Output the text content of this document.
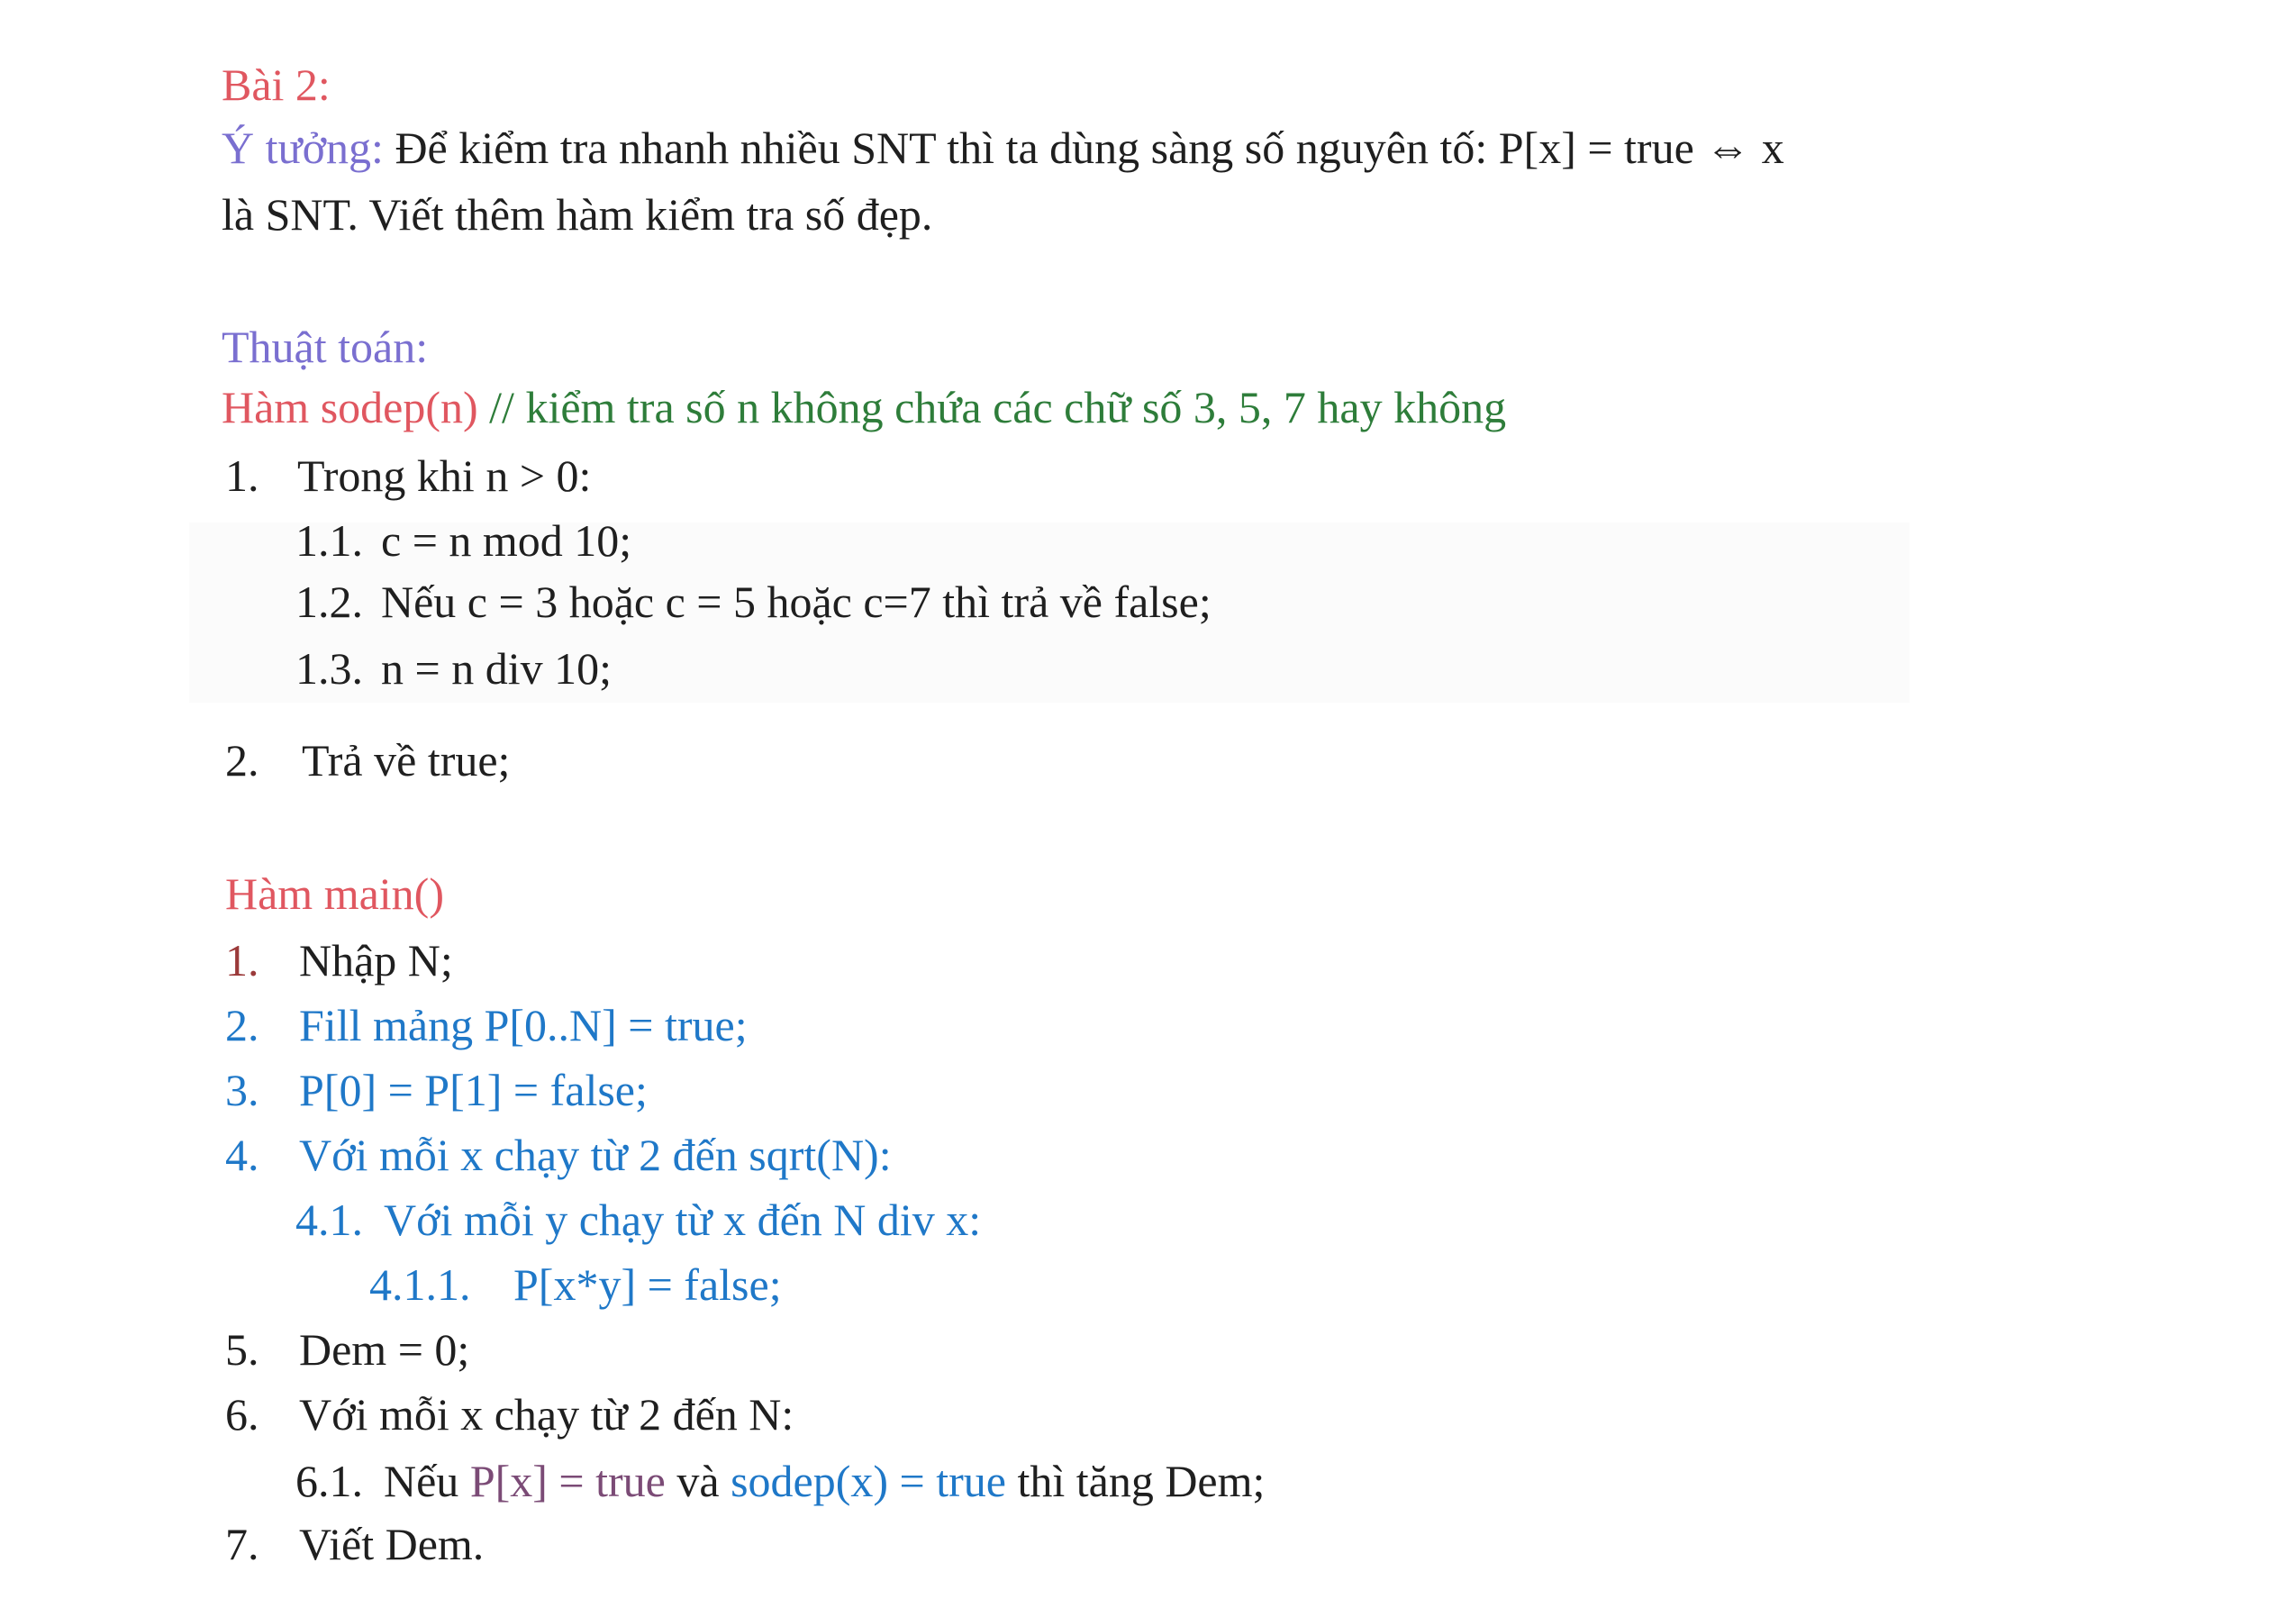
Bài 2:
Ý tưởng: Để kiểm tra nhanh nhiều SNT thì ta dùng sàng số nguyên tố: P[x] = true ⇔ x
là SNT. Viết thêm hàm kiểm tra số đẹp.
Thuật toán:
Hàm sodep(n) // kiểm tra số n không chứa các chữ số 3, 5, 7 hay không
1. Trong khi n > 0:
1.1. c = n mod 10;
1.2. Nếu c = 3 hoặc c = 5 hoặc c=7 thì trả về false;
1.3. n = n div 10;
2. Trả về true;
Hàm main()
1. Nhập N;
2. Fill mảng P[0..N] = true;
3. P[0] = P[1] = false;
4. Với mỗi x chạy từ 2 đến sqrt(N):
4.1. Với mỗi y chạy từ x đến N div x:
4.1.1. P[x*y] = false;
5. Dem = 0;
6. Với mỗi x chạy từ 2 đến N:
6.1. Nếu P[x] = true và sodep(x) = true thì tăng Dem;
7. Viết Dem.
